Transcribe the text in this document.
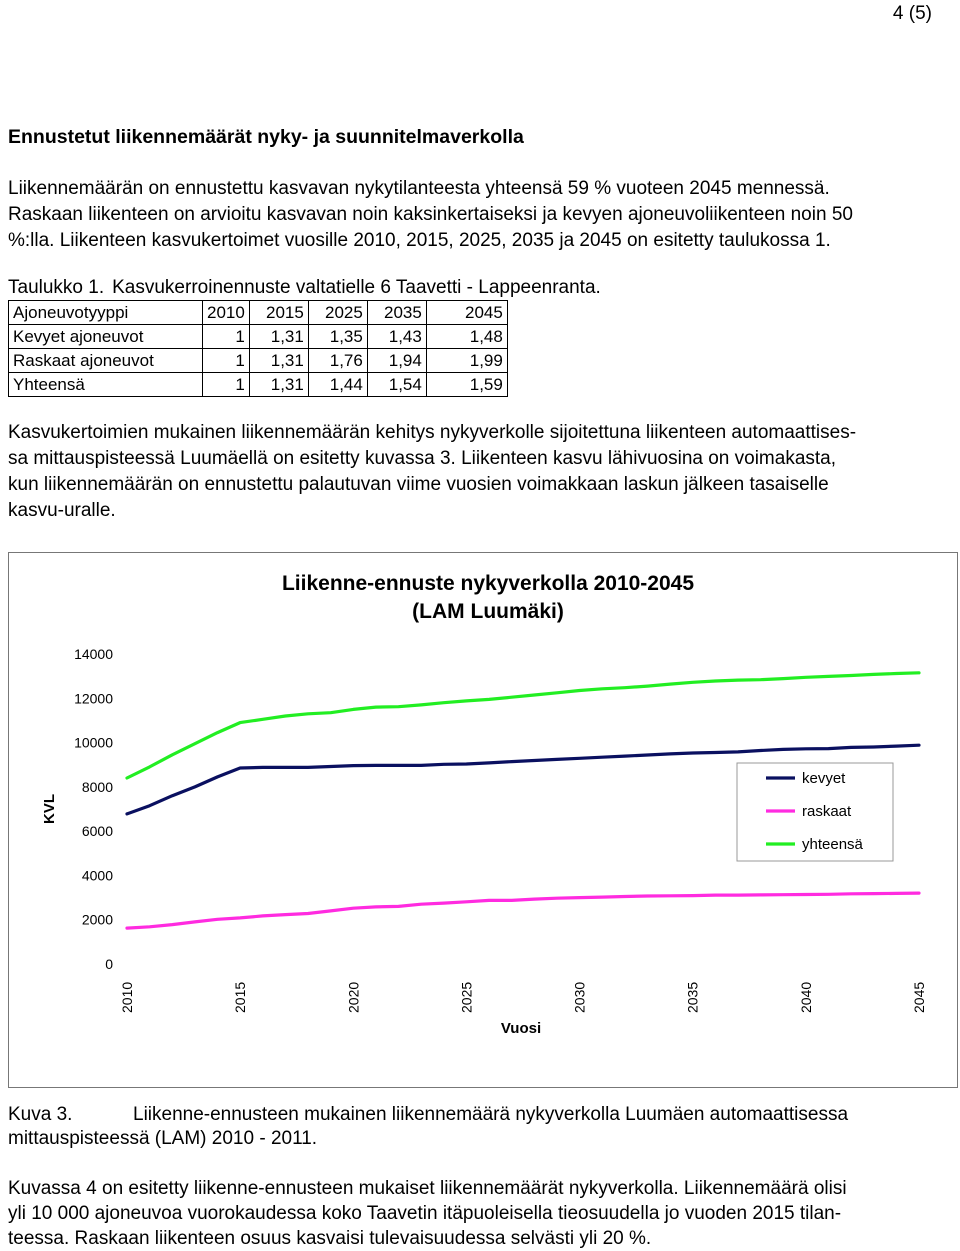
4 (5)
Ennustetut liikennemäärät nyky- ja suunnitelmaverkolla
Liikennemäärän on ennustettu kasvavan nykytilanteesta yhteensä 59 % vuoteen 2045 mennessä.
Raskaan liikenteen on arvioitu kasvavan noin kaksinkertaiseksi ja kevyen ajoneuvoliikenteen noin 50
%:lla. Liikenteen kasvukertoimet vuosille 2010, 2015, 2025, 2035 ja 2045 on esitetty taulukossa 1.
Taulukko 1. Kasvukerroinennuste valtatielle 6 Taavetti - Lappeenranta.
Ajoneuvotyyppi	2010	2015	2025	2035	2045
Kevyet ajoneuvot	1	1,31	1,35	1,43	1,48
Raskaat ajoneuvot	1	1,31	1,76	1,94	1,99
Yhteensä	1	1,31	1,44	1,54	1,59
Kasvukertoimien mukainen liikennemäärän kehitys nykyverkolle sijoitettuna liikenteen automaattises-
sa mittauspisteessä Luumäellä on esitetty kuvassa 3. Liikenteen kasvu lähivuosina on voimakasta,
kun liikennemäärän on ennustettu palautuvan viime vuosien voimakkaan laskun jälkeen tasaiselle
kasvu-uralle.
Liikenne-ennuste nykyverkolla 2010-2045
(LAM Luumäki)
0
2000
4000
6000
8000
10000
12000
14000
KVL
2010	2015	2020	2025	2030	2035	2040	2045
Vuosi
kevyet
raskaat
yhteensä
Kuva 3.	Liikenne-ennusteen mukainen liikennemäärä nykyverkolla Luumäen automaattisessa
mittauspisteessä (LAM) 2010 - 2011.
Kuvassa 4 on esitetty liikenne-ennusteen mukaiset liikennemäärät nykyverkolla. Liikennemäärä olisi
yli 10 000 ajoneuvoa vuorokaudessa koko Taavetin itäpuoleisella tieosuudella jo vuoden 2015 tilan-
teessa. Raskaan liikenteen osuus kasvaisi tulevaisuudessa selvästi yli 20 %.
